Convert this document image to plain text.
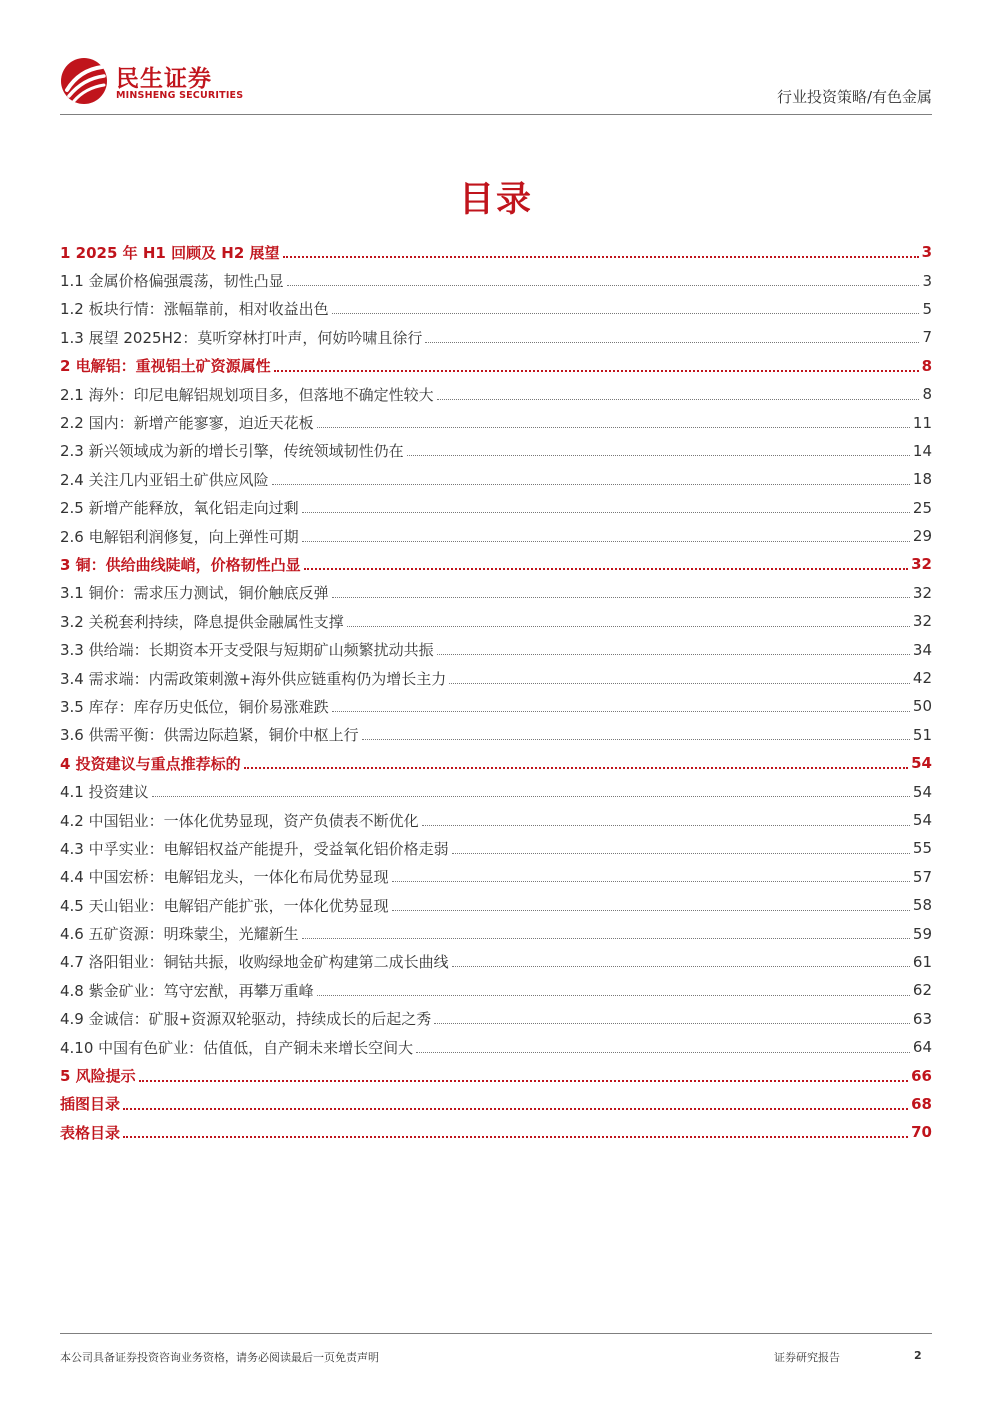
民生证券
MINSHENG SECURITIES	行业投资策略/有色金属
目录
1 2025 年 H1 回顾及 H2 展望	3
1.1 金属价格偏强震荡，韧性凸显	3
1.2 板块行情：涨幅靠前，相对收益出色	5
1.3 展望 2025H2：莫听穿林打叶声，何妨吟啸且徐行	7
2 电解铝：重视铝土矿资源属性	8
2.1 海外：印尼电解铝规划项目多，但落地不确定性较大	8
2.2 国内：新增产能寥寥，迫近天花板	11
2.3 新兴领域成为新的增长引擎，传统领域韧性仍在	14
2.4 关注几内亚铝土矿供应风险	18
2.5 新增产能释放，氧化铝走向过剩	25
2.6 电解铝利润修复，向上弹性可期	29
3 铜：供给曲线陡峭，价格韧性凸显	32
3.1 铜价：需求压力测试，铜价触底反弹	32
3.2 关税套利持续，降息提供金融属性支撑	32
3.3 供给端：长期资本开支受限与短期矿山频繁扰动共振	34
3.4 需求端：内需政策刺激+海外供应链重构仍为增长主力	42
3.5 库存：库存历史低位，铜价易涨难跌	50
3.6 供需平衡：供需边际趋紧，铜价中枢上行	51
4 投资建议与重点推荐标的	54
4.1 投资建议	54
4.2 中国铝业：一体化优势显现，资产负债表不断优化	54
4.3 中孚实业：电解铝权益产能提升，受益氧化铝价格走弱	55
4.4 中国宏桥：电解铝龙头，一体化布局优势显现	57
4.5 天山铝业：电解铝产能扩张，一体化优势显现	58
4.6 五矿资源：明珠蒙尘，光耀新生	59
4.7 洛阳钼业：铜钴共振，收购绿地金矿构建第二成长曲线	61
4.8 紫金矿业：笃守宏猷，再攀万重峰	62
4.9 金诚信：矿服+资源双轮驱动，持续成长的后起之秀	63
4.10 中国有色矿业：估值低，自产铜未来增长空间大	64
5 风险提示	66
插图目录	68
表格目录	70
本公司具备证券投资咨询业务资格，请务必阅读最后一页免责声明	证券研究报告	2
